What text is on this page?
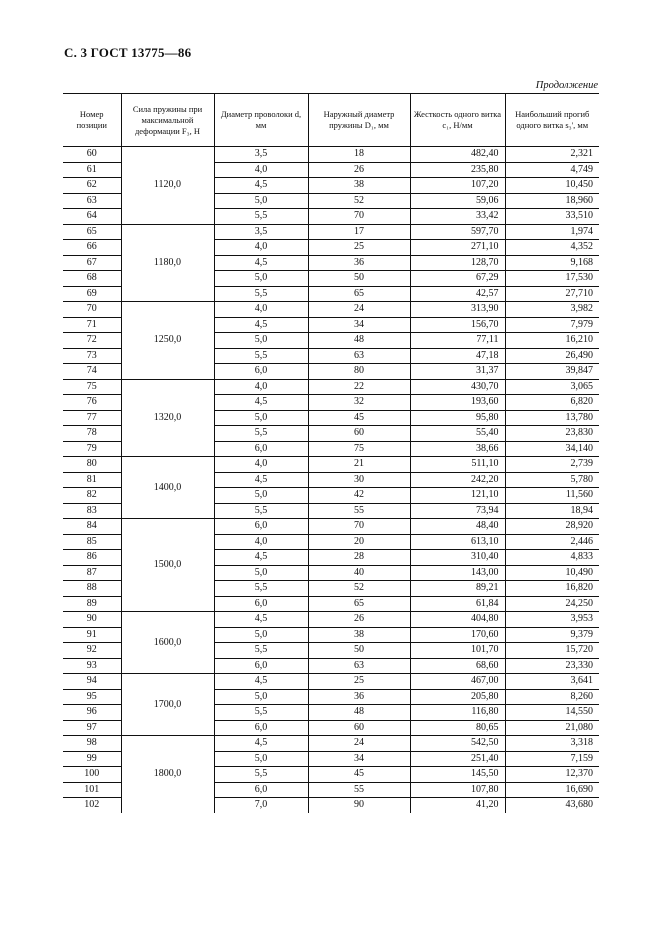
С. 3 ГОСТ 13775—86
Продолжение
Номер позиции	Сила пружины при максимальной деформации F₃, Н	Диаметр проволоки d, мм	Наружный диаметр пружины D₁, мм	Жесткость одного витка c₁, Н/мм	Наибольший прогиб одного витка s₃', мм
60	1120,0	3,5	18	482,40	2,321
61		4,0	26	235,80	4,749
62		4,5	38	107,20	10,450
63		5,0	52	59,06	18,960
64		5,5	70	33,42	33,510
65	1180,0	3,5	17	597,70	1,974
66		4,0	25	271,10	4,352
67		4,5	36	128,70	9,168
68		5,0	50	67,29	17,530
69		5,5	65	42,57	27,710
70	1250,0	4,0	24	313,90	3,982
71		4,5	34	156,70	7,979
72		5,0	48	77,11	16,210
73		5,5	63	47,18	26,490
74		6,0	80	31,37	39,847
75	1320,0	4,0	22	430,70	3,065
76		4,5	32	193,60	6,820
77		5,0	45	95,80	13,780
78		5,5	60	55,40	23,830
79		6,0	75	38,66	34,140
80	1400,0	4,0	21	511,10	2,739
81		4,5	30	242,20	5,780
82		5,0	42	121,10	11,560
83		5,5	55	73,94	18,94
84	1500,0	6,0	70	48,40	28,920
85		4,0	20	613,10	2,446
86		4,5	28	310,40	4,833
87		5,0	40	143,00	10,490
88		5,5	52	89,21	16,820
89		6,0	65	61,84	24,250
90	1600,0	4,5	26	404,80	3,953
91		5,0	38	170,60	9,379
92		5,5	50	101,70	15,720
93		6,0	63	68,60	23,330
94	1700,0	4,5	25	467,00	3,641
95		5,0	36	205,80	8,260
96		5,5	48	116,80	14,550
97		6,0	60	80,65	21,080
98	1800,0	4,5	24	542,50	3,318
99		5,0	34	251,40	7,159
100		5,5	45	145,50	12,370
101		6,0	55	107,80	16,690
102		7,0	90	41,20	43,680
